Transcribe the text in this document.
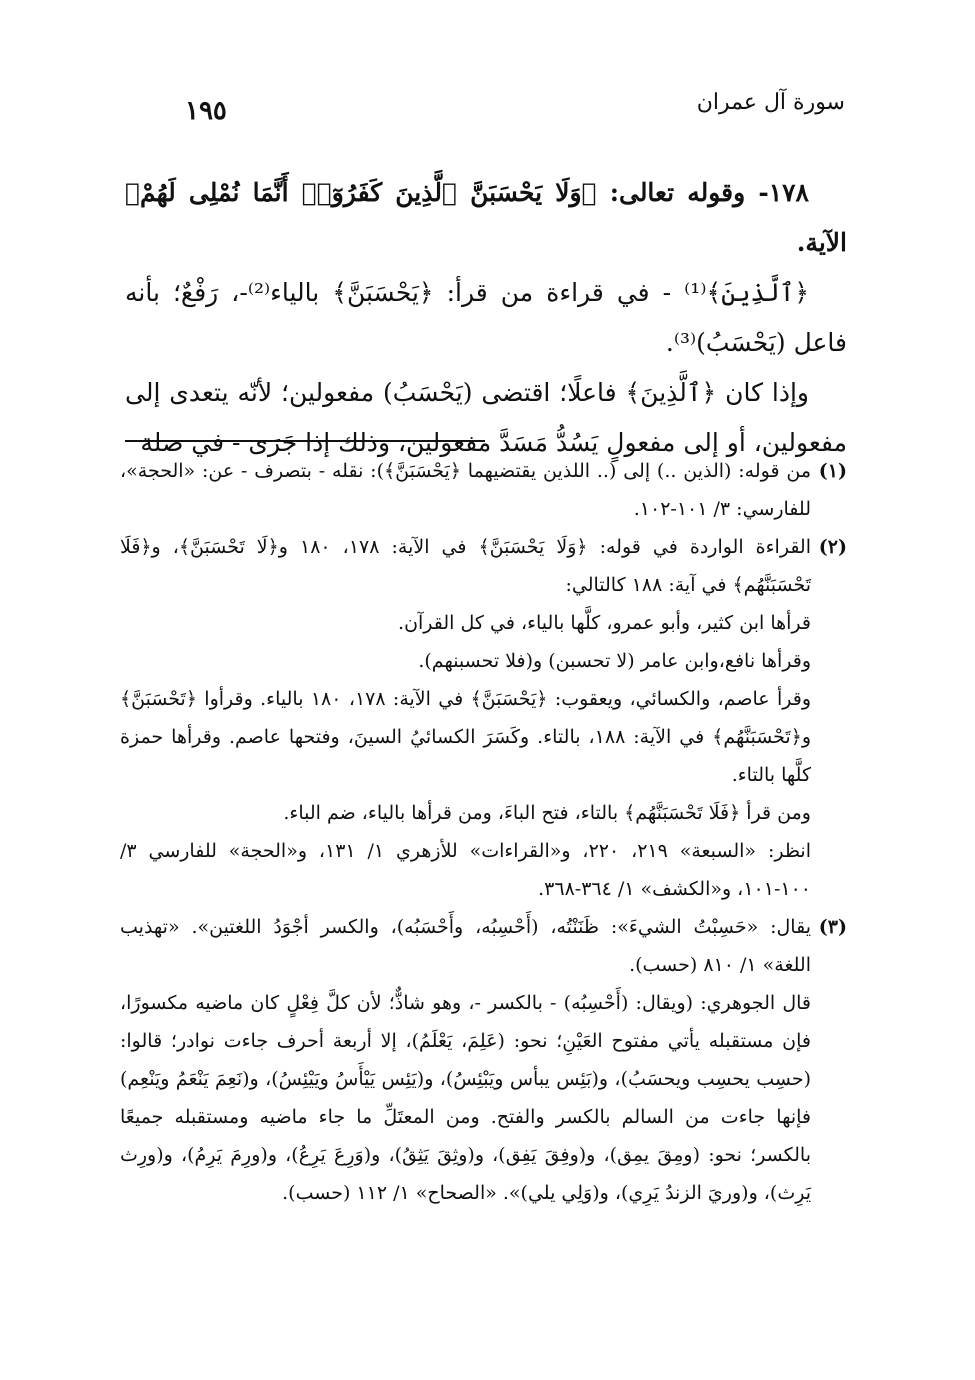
سورة آل عمران
١٩٥

١٧٨- وقوله تعالى: ﴿وَلَا يَحْسَبَنَّ ٱلَّذِينَ كَفَرُوٓا۟ أَنَّمَا نُمْلِى لَهُمْ﴾ الآية.

﴿ٱلَّذِينَ﴾⁽¹⁾ - في قراءة من قرأ: ﴿يَحْسَبَنَّ﴾ بالياء⁽²⁾-، رَفْعٌ؛ بأنه فاعل (يَحْسَبُ)⁽³⁾.

وإذا كان ﴿ٱلَّذِينَ﴾ فاعلًا؛ اقتضى (يَحْسَبُ) مفعولين؛ لأنّه يتعدى إلى مفعولين، أو إلى مفعولٍ يَسُدُّ مَسَدَّ مفعولين، وذلك إذا جَرَى - في صلة

(١)

من قوله: (الذين ..) إلى (.. اللذين يقتضيهما ﴿يَحْسَبَنَّ﴾): نقله - بتصرف - عن: «الحجة»، للفارسي: ٣/ ١٠١-١٠٢.

(٢)

القراءة الواردة في قوله: ﴿وَلَا يَحْسَبَنَّ﴾ في الآية: ١٧٨، ١٨٠ و﴿لَا تَحْسَبَنَّ﴾، و﴿فَلَا تَحْسَبَنَّهُم﴾ في آية: ١٨٨ كالتالي:

قرأها ابن كثير، وأبو عمرو، كلَّها بالياء، في كل القرآن.

وقرأها نافع،وابن عامر (لا تحسبن) و(فلا تحسبنهم).

وقرأ عاصم، والكسائي، ويعقوب: ﴿يَحْسَبَنَّ﴾ في الآية: ١٧٨، ١٨٠ بالياء. وقرأوا ﴿تَحْسَبَنَّ﴾ و﴿تَحْسَبَنَّهُم﴾ في الآية: ١٨٨، بالتاء. وكَسَرَ الكسائيُ السينَ، وفتحها عاصم. وقرأها حمزة كلَّها بالتاء.

ومن قرأ ﴿فَلَا تَحْسَبَنَّهُم﴾ بالتاء، فتح الباءَ، ومن قرأها بالياء، ضم الباء.

انظر: «السبعة» ٢١٩، ٢٢٠، و«القراءات» للأزهري ١/ ١٣١، و«الحجة» للفارسي ٣/ ١٠٠-١٠١، و«الكشف» ١/ ٣٦٤-٣٦٨.

(٣)

يقال: «حَسِبْتُ الشيءَ»: ظَنَنْتُه، (أَحْسِبُه، وأَحْسَبُه)، والكسر أجْوَدُ اللغتين». «تهذيب اللغة» ١/ ٨١٠ (حسب).

قال الجوهري: (ويقال: (أَحْسِبُه) - بالكسر -، وهو شاذٌّ؛ لأن كلَّ فِعْلٍ كان ماضيه مكسورًا، فإن مستقبله يأتي مفتوح العَيْنِ؛ نحو: (عَلِمَ، يَعْلَمُ)، إلا أربعة أحرف جاءت نوادر؛ قالوا: (حسِب يحسِب ويحسَبُ)، و(بَئِس يبأس ويَبْئِسُ)، و(يَئِس يَيْأَسُ ويَيْئِسُ)، و(نَعِمَ يَنْعَمُ ويَنْعِم) فإنها جاءت من السالم بالكسر والفتح. ومن المعتَلِّ ما جاء ماضيه ومستقبله جميعًا بالكسر؛ نحو: (ومِقَ يمِق)، و(وفِقَ يَفِق)، و(وثِقَ يَثِقُ)، و(وَرِعَ يَرِعُ)، و(ورِمَ يَرِمُ)، و(ورِث يَرِث)، و(وريَ الزندُ يَرِي)، و(وَلِي يلي)». «الصحاح» ١/ ١١٢ (حسب).
